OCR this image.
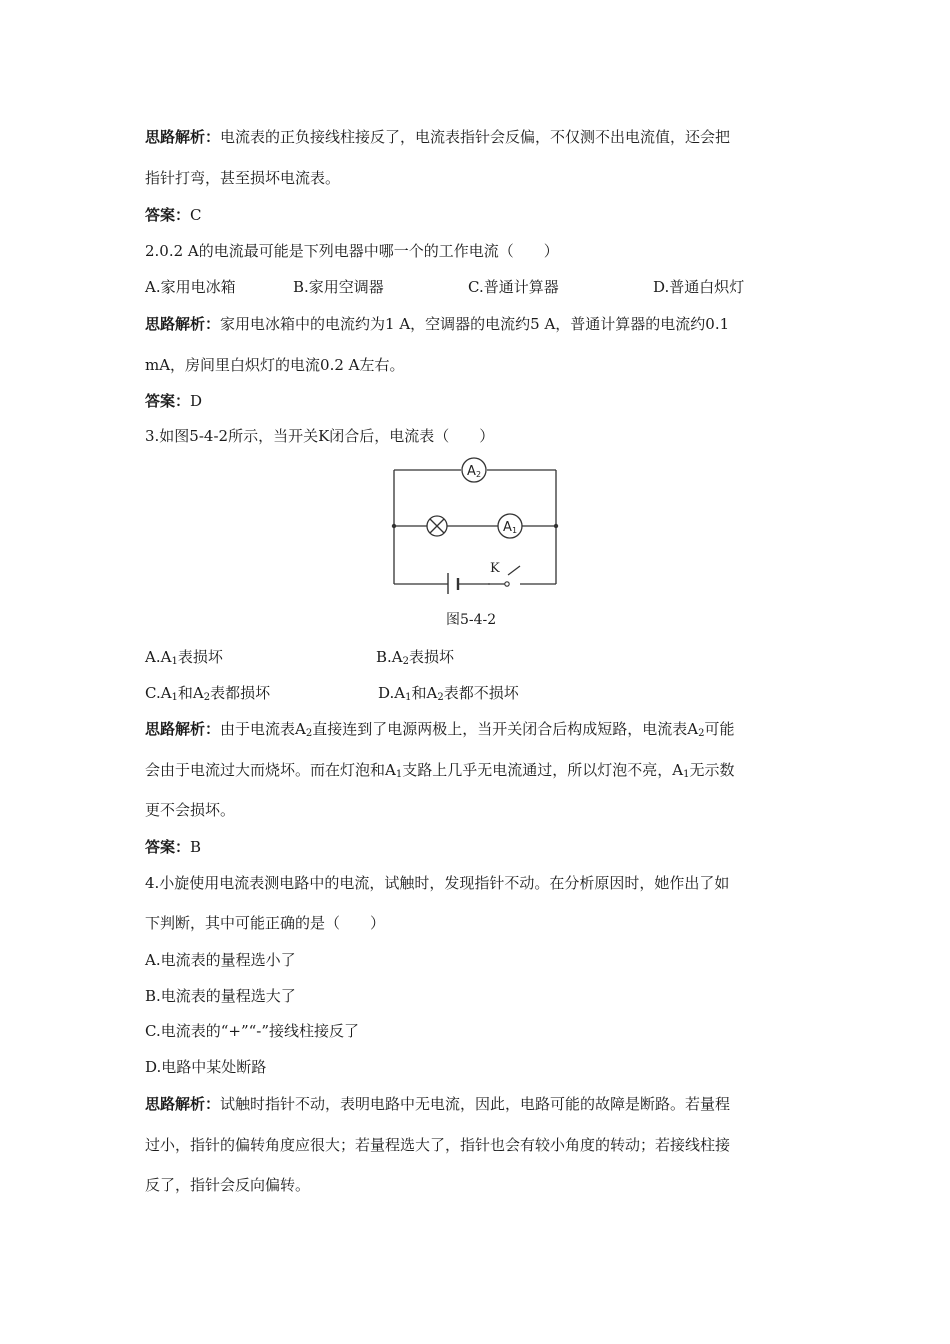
思路解析：电流表的正负接线柱接反了，电流表指针会反偏，不仅测不出电流值，还会把
指针打弯，甚至损坏电流表。
答案：C
2.0.2 A的电流最可能是下列电器中哪一个的工作电流（　　）
A.家用电冰箱	B.家用空调器	C.普通计算器	D.普通白炽灯
思路解析：家用电冰箱中的电流约为1 A，空调器的电流约5 A，普通计算器的电流约0.1
mA，房间里白炽灯的电流0.2 A左右。
答案：D
3.如图5-4-2所示，当开关K闭合后，电流表（　　）
A 2
A 1
K
图5-4-2
$A.A_1$表损坏	$B.A_2$表损坏
$C.A_1$和$A_2$表都损坏	$D.A_1$和$A_2$表都不损坏
思路解析：由于电流表$A_2$直接连到了电源两极上，当开关闭合后构成短路，电流表$A_2$可能
会由于电流过大而烧坏。而在灯泡和$A_1$支路上几乎无电流通过，所以灯泡不亮，$A_1$无示数
更不会损坏。
答案：B
4.小旋使用电流表测电路中的电流，试触时，发现指针不动。在分析原因时，她作出了如
下判断，其中可能正确的是（　　）
A.电流表的量程选小了
B.电流表的量程选大了
C.电流表的“+”“-”接线柱接反了
D.电路中某处断路
思路解析：试触时指针不动，表明电路中无电流，因此，电路可能的故障是断路。若量程
过小，指针的偏转角度应很大；若量程选大了，指针也会有较小角度的转动；若接线柱接
反了，指针会反向偏转。
